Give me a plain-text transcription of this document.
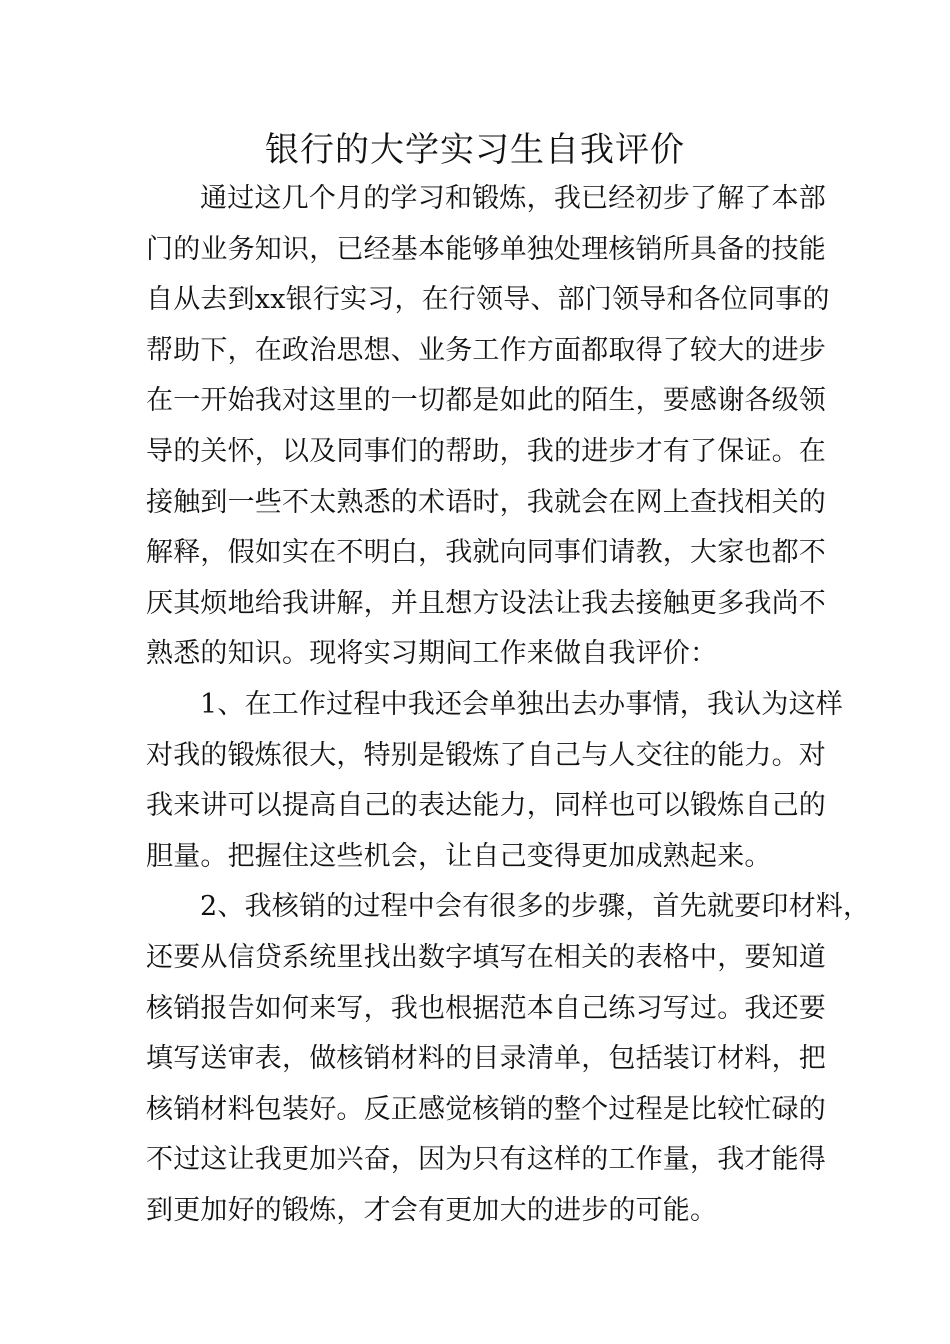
银行的大学实习生自我评价
通过这几个月的学习和锻炼，我已经初步了解了本部
门的业务知识，已经基本能够单独处理核销所具备的技能
自从去到xx银行实习，在行领导、部门领导和各位同事的
帮助下，在政治思想、业务工作方面都取得了较大的进步
在一开始我对这里的一切都是如此的陌生，要感谢各级领
导的关怀，以及同事们的帮助，我的进步才有了保证。在
接触到一些不太熟悉的术语时，我就会在网上查找相关的
解释，假如实在不明白，我就向同事们请教，大家也都不
厌其烦地给我讲解，并且想方设法让我去接触更多我尚不
熟悉的知识。现将实习期间工作来做自我评价：
1、在工作过程中我还会单独出去办事情，我认为这样
对我的锻炼很大，特别是锻炼了自己与人交往的能力。对
我来讲可以提高自己的表达能力，同样也可以锻炼自己的
胆量。把握住这些机会，让自己变得更加成熟起来。
2、我核销的过程中会有很多的步骤，首先就要印材料，
还要从信贷系统里找出数字填写在相关的表格中，要知道
核销报告如何来写，我也根据范本自己练习写过。我还要
填写送审表，做核销材料的目录清单，包括装订材料，把
核销材料包装好。反正感觉核销的整个过程是比较忙碌的
不过这让我更加兴奋，因为只有这样的工作量，我才能得
到更加好的锻炼，才会有更加大的进步的可能。
